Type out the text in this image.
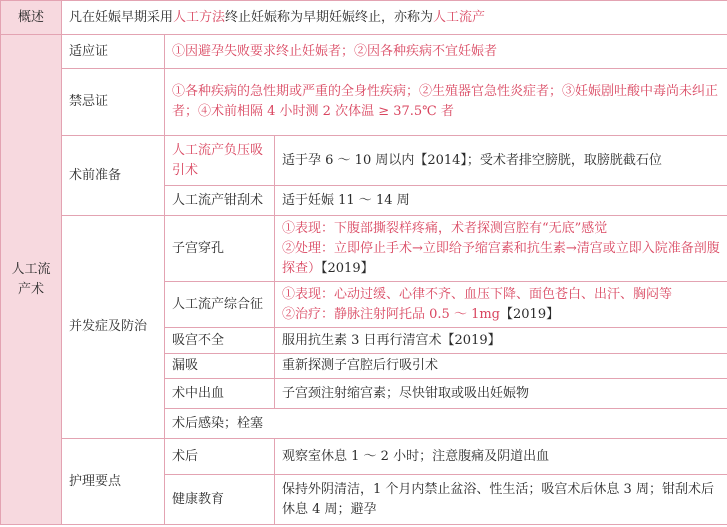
概述	凡在妊娠早期采用人工方法终止妊娠称为早期妊娠终止，亦称为人工流产		
人工流
产术	适应证	①因避孕失败要求终止妊娠者；②因各种疾病不宜妊娠者	
	禁忌证	①各种疾病的急性期或严重的全身性疾病；②生殖器官急性炎症者；③妊娠剧吐酸中毒尚未纠正者；④术前相隔 4 小时测 2 次体温 ≥ 37.5℃ 者	
	术前准备	人工流产负压吸引术	适于孕 6 ～ 10 周以内【2014】；受术者排空膀胱，取膀胱截石位
		人工流产钳刮术	适于妊娠 11 ～ 14 周
	并发症及防治	子宫穿孔	①表现：下腹部撕裂样疼痛，术者探测宫腔有“无底”感觉
②处理：立即停止手术→立即给予缩宫素和抗生素→清宫或立即入院准备剖腹探查）【2019】
		人工流产综合征	①表现：心动过缓、心律不齐、血压下降、面色苍白、出汗、胸闷等
②治疗：静脉注射阿托品 0.5 ～ 1mg【2019】
		吸宫不全	服用抗生素 3 日再行清宫术【2019】
		漏吸	重新探测子宫腔后行吸引术
		术中出血	子宫颈注射缩宫素；尽快钳取或吸出妊娠物
		术后感染；栓塞	
	护理要点	术后	观察室休息 1 ～ 2 小时；注意腹痛及阴道出血
		健康教育	保持外阴清洁，1 个月内禁止盆浴、性生活；吸宫术后休息 3 周；钳刮术后休息 4 周；避孕
